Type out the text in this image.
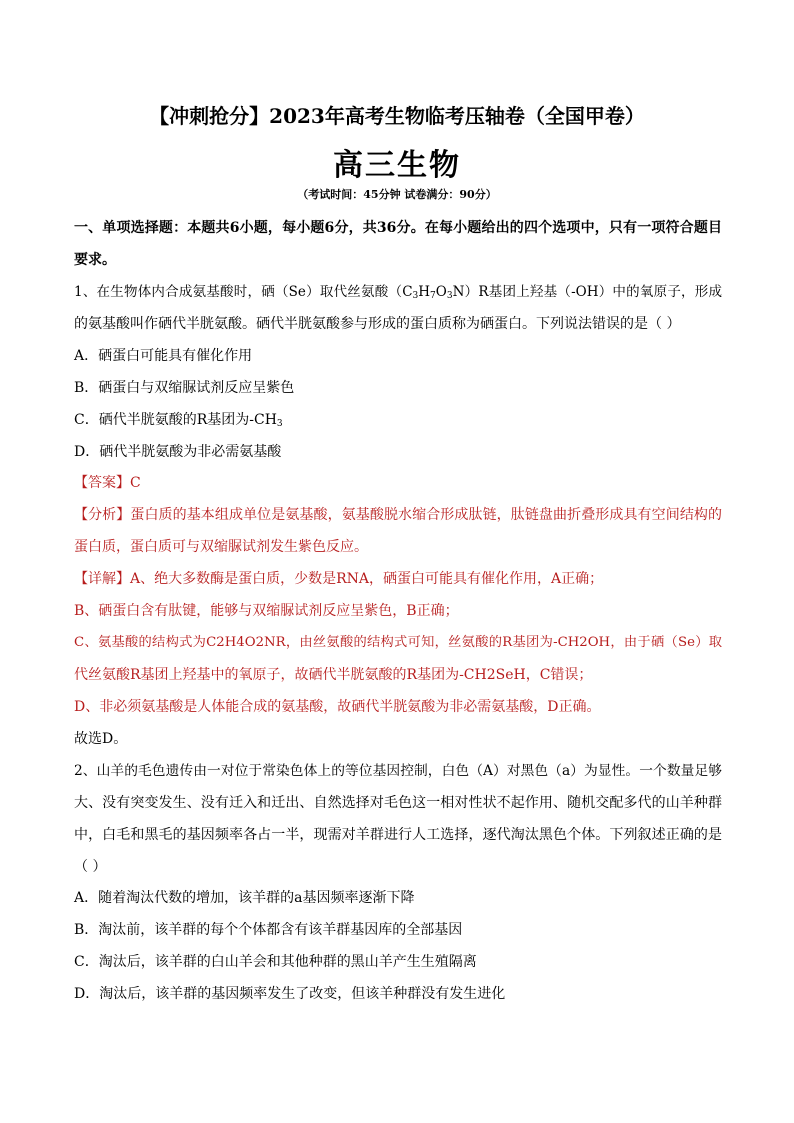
【冲刺抢分】2023年高考生物临考压轴卷（全国甲卷）
高三生物
（考试时间：45分钟 试卷满分：90分）
一、单项选择题：本题共6小题，每小题6分，共36分。在每小题给出的四个选项中，只有一项符合题目
要求。
1、在生物体内合成氨基酸时，硒（Se）取代丝氨酸$(C_3H_7O_3N)R$基团上羟基（-OH）中的氧原子，形成
的氨基酸叫作硒代半胱氨酸。硒代半胱氨酸参与形成的蛋白质称为硒蛋白。下列说法错误的是（ ）
A．硒蛋白可能具有催化作用
B．硒蛋白与双缩脲试剂反应呈紫色
C．硒代半胱氨酸的R基团为$-CH_3$
D．硒代半胱氨酸为非必需氨基酸
【答案】C
【分析】蛋白质的基本组成单位是氨基酸，氨基酸脱水缩合形成肽链，肽链盘曲折叠形成具有空间结构的
蛋白质，蛋白质可与双缩脲试剂发生紫色反应。
【详解】A、绝大多数酶是蛋白质，少数是RNA，硒蛋白可能具有催化作用，A正确；
B、硒蛋白含有肽键，能够与双缩脲试剂反应呈紫色，B正确；
C、氨基酸的结构式为C2H4O2NR，由丝氨酸的结构式可知，丝氨酸的R基团为-CH2OH，由于硒（Se）取
代丝氨酸R基团上羟基中的氧原子，故硒代半胱氨酸的R基团为-CH2SeH，C错误；
D、非必须氨基酸是人体能合成的氨基酸，故硒代半胱氨酸为非必需氨基酸，D正确。
故选D。
2、山羊的毛色遗传由一对位于常染色体上的等位基因控制，白色（A）对黑色（a）为显性。一个数量足够
大、没有突变发生、没有迁入和迁出、自然选择对毛色这一相对性状不起作用、随机交配多代的山羊种群
中，白毛和黑毛的基因频率各占一半，现需对羊群进行人工选择，逐代淘汰黑色个体。下列叙述正确的是
（ ）
A．随着淘汰代数的增加，该羊群的a基因频率逐渐下降
B．淘汰前，该羊群的每个个体都含有该羊群基因库的全部基因
C．淘汰后，该羊群的白山羊会和其他种群的黑山羊产生生殖隔离
D．淘汰后，该羊群的基因频率发生了改变，但该羊种群没有发生进化
